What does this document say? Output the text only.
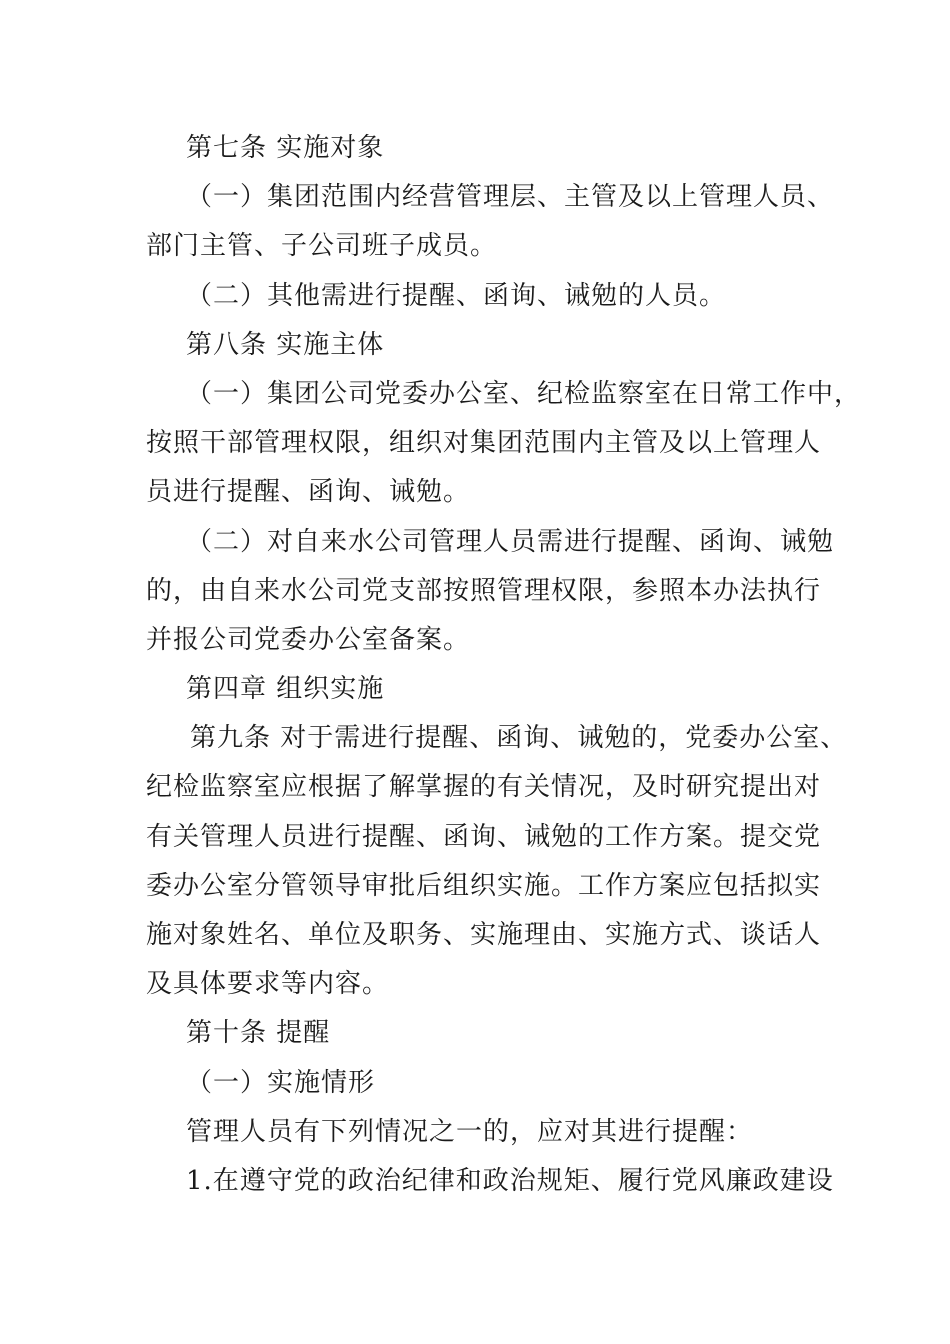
第七条 实施对象
（一）集团范围内经营管理层、主管及以上管理人员、
部门主管、子公司班子成员。
（二）其他需进行提醒、函询、诫勉的人员。
第八条 实施主体
（一）集团公司党委办公室、纪检监察室在日常工作中，
按照干部管理权限，组织对集团范围内主管及以上管理人
员进行提醒、函询、诫勉。
（二）对自来水公司管理人员需进行提醒、函询、诫勉
的，由自来水公司党支部按照管理权限，参照本办法执行
并报公司党委办公室备案。
第四章 组织实施
第九条 对于需进行提醒、函询、诫勉的，党委办公室、
纪检监察室应根据了解掌握的有关情况，及时研究提出对
有关管理人员进行提醒、函询、诫勉的工作方案。提交党
委办公室分管领导审批后组织实施。工作方案应包括拟实
施对象姓名、单位及职务、实施理由、实施方式、谈话人
及具体要求等内容。
第十条 提醒
（一）实施情形
管理人员有下列情况之一的，应对其进行提醒：
1.在遵守党的政治纪律和政治规矩、履行党风廉政建设
